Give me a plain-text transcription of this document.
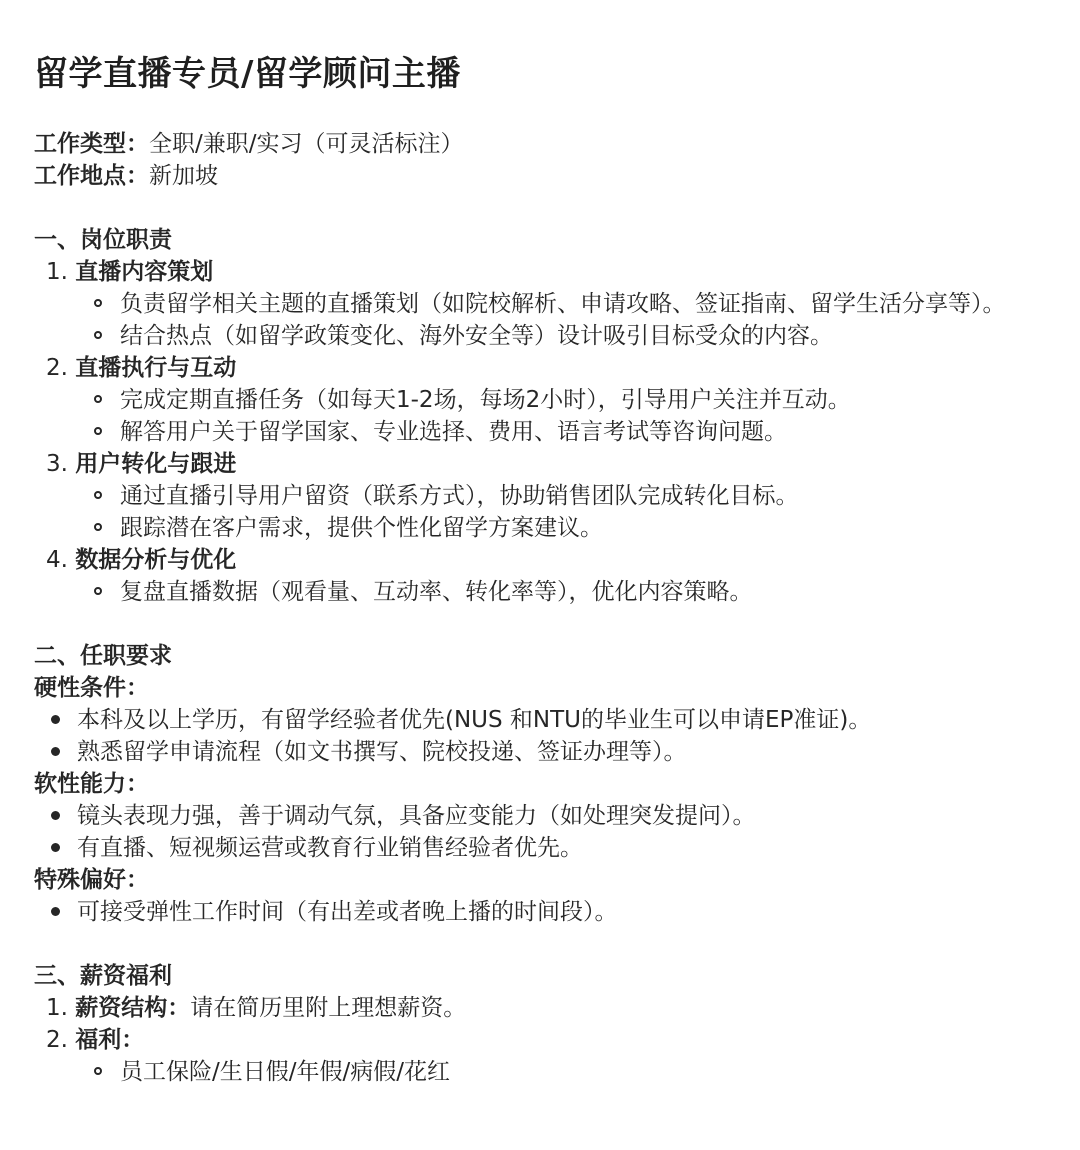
留学直播专员/留学顾问主播
工作类型：全职/兼职/实习（可灵活标注）
工作地点：新加坡
一、岗位职责
1. 直播内容策划
负责留学相关主题的直播策划（如院校解析、申请攻略、签证指南、留学生活分享等）。
结合热点（如留学政策变化、海外安全等）设计吸引目标受众的内容。
2. 直播执行与互动
完成定期直播任务（如每天1-2场，每场2小时），引导用户关注并互动。
解答用户关于留学国家、专业选择、费用、语言考试等咨询问题。
3. 用户转化与跟进
通过直播引导用户留资（联系方式），协助销售团队完成转化目标。
跟踪潜在客户需求，提供个性化留学方案建议。
4. 数据分析与优化
复盘直播数据（观看量、互动率、转化率等），优化内容策略。
二、任职要求
硬性条件：
本科及以上学历，有留学经验者优先(NUS 和NTU的毕业生可以申请EP准证)。
熟悉留学申请流程（如文书撰写、院校投递、签证办理等）。
软性能力：
镜头表现力强，善于调动气氛，具备应变能力（如处理突发提问）。
有直播、短视频运营或教育行业销售经验者优先。
特殊偏好：
可接受弹性工作时间（有出差或者晚上播的时间段）。
三、薪资福利
1. 薪资结构：请在简历里附上理想薪资。
2. 福利：
员工保险/生日假/年假/病假/花红
